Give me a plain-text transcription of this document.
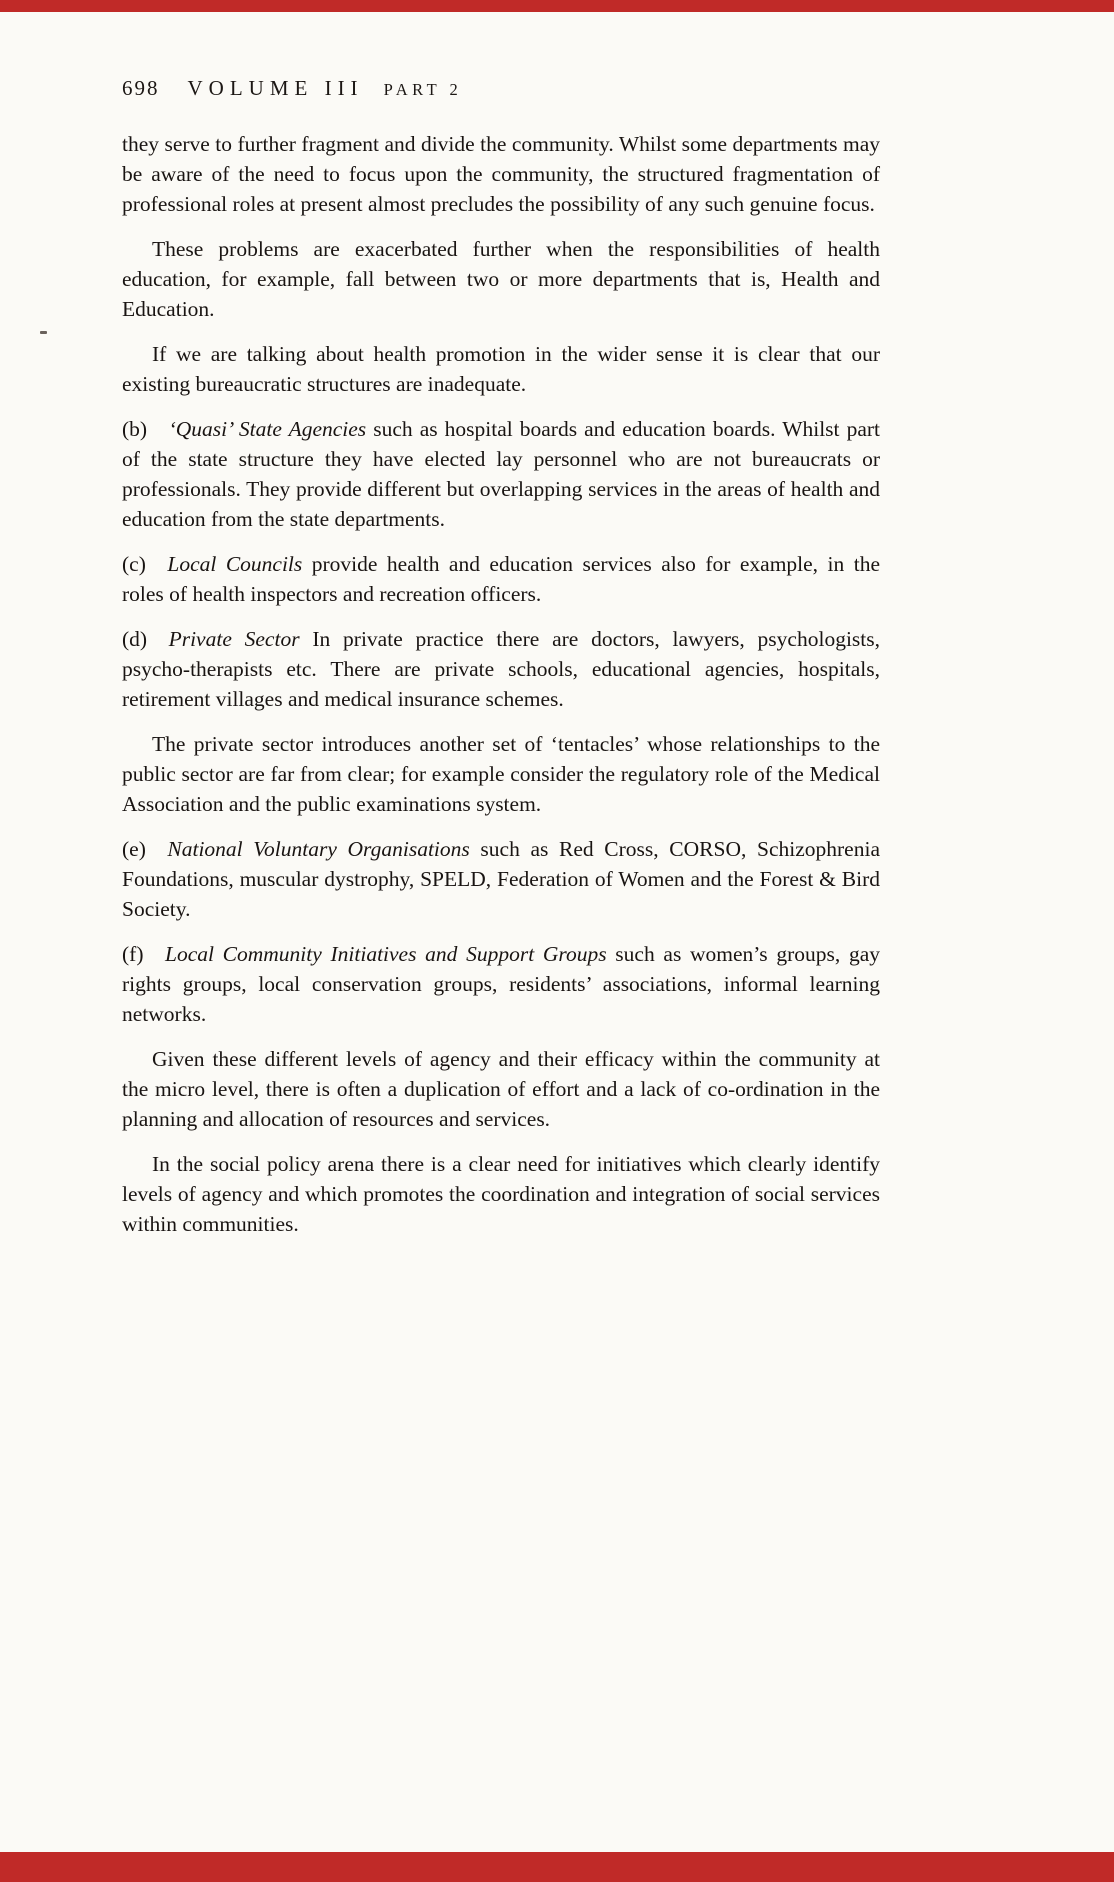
698 VOLUME III PART 2

they serve to further fragment and divide the community. Whilst some departments may be aware of the need to focus upon the community, the structured fragmentation of professional roles at present almost precludes the possibility of any such genuine focus.

These problems are exacerbated further when the responsibilities of health education, for example, fall between two or more departments that is, Health and Education.

If we are talking about health promotion in the wider sense it is clear that our existing bureaucratic structures are inadequate.

(b) ‘Quasi’ State Agencies such as hospital boards and education boards. Whilst part of the state structure they have elected lay personnel who are not bureaucrats or professionals. They provide different but overlapping services in the areas of health and education from the state departments.

(c) Local Councils provide health and education services also for example, in the roles of health inspectors and recreation officers.

(d) Private Sector In private practice there are doctors, lawyers, psychologists, psycho-therapists etc. There are private schools, educational agencies, hospitals, retirement villages and medical insurance schemes.

The private sector introduces another set of ‘tentacles’ whose relationships to the public sector are far from clear; for example consider the regulatory role of the Medical Association and the public examinations system.

(e) National Voluntary Organisations such as Red Cross, CORSO, Schizophrenia Foundations, muscular dystrophy, SPELD, Federation of Women and the Forest & Bird Society.

(f) Local Community Initiatives and Support Groups such as women’s groups, gay rights groups, local conservation groups, residents’ associations, informal learning networks.

Given these different levels of agency and their efficacy within the community at the micro level, there is often a duplication of effort and a lack of co-ordination in the planning and allocation of resources and services.

In the social policy arena there is a clear need for initiatives which clearly identify levels of agency and which promotes the coordination and integration of social services within communities.
